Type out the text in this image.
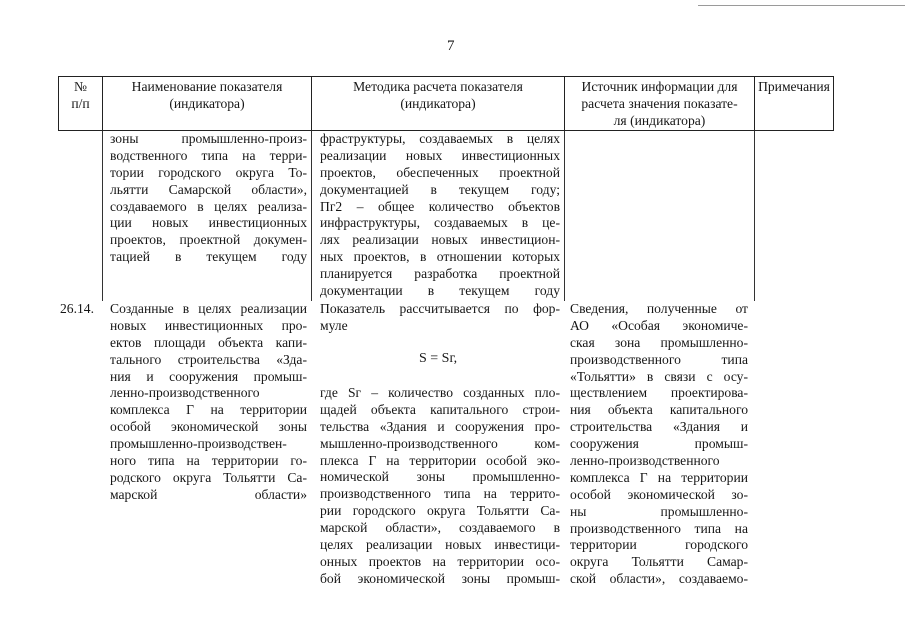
7
№
п/п
Наименование показателя
(индикатора)
Методика расчета показателя
(индикатора)
Источник информации для
расчета значения показате-
ля (индикатора)
Примечания
зоны промышленно-произ-
водственного типа на терри-
тории городского округа То-
льятти Самарской области»,
создаваемого в целях реализа-
ции новых инвестиционных
проектов, проектной докумен-
тацией в текущем году
фраструктуры, создаваемых в целях
реализации новых инвестиционных
проектов, обеспеченных проектной
документацией в текущем году;
Пг2 – общее количество объектов
инфраструктуры, создаваемых в це-
лях реализации новых инвестицион-
ных проектов, в отношении которых
планируется разработка проектной
документации в текущем году
26.14. Созданные в целях реализации
новых инвестиционных про-
ектов площади объекта капи-
тального строительства «Зда-
ния и сооружения промыш-
ленно-производственного
комплекса Г на территории
особой экономической зоны
промышленно-производствен-
ного типа на территории го-
родского округа Тольятти Са-
марской области»
Показатель рассчитывается по фор-
муле
S = Sг,
где Sг – количество созданных пло-
щадей объекта капитального строи-
тельства «Здания и сооружения про-
мышленно-производственного ком-
плекса Г на территории особой эко-
номической зоны промышленно-
производственного типа на террито-
рии городского округа Тольятти Са-
марской области», создаваемого в
целях реализации новых инвестици-
онных проектов на территории осо-
бой экономической зоны промыш-
Сведения, полученные от
АО «Особая экономиче-
ская зона промышленно-
производственного типа
«Тольятти» в связи с осу-
ществлением проектирова-
ния объекта капитального
строительства «Здания и
сооружения промыш-
ленно-производственного
комплекса Г на территории
особой экономической зо-
ны промышленно-
производственного типа на
территории городского
округа Тольятти Самар-
ской области», создаваемо-
